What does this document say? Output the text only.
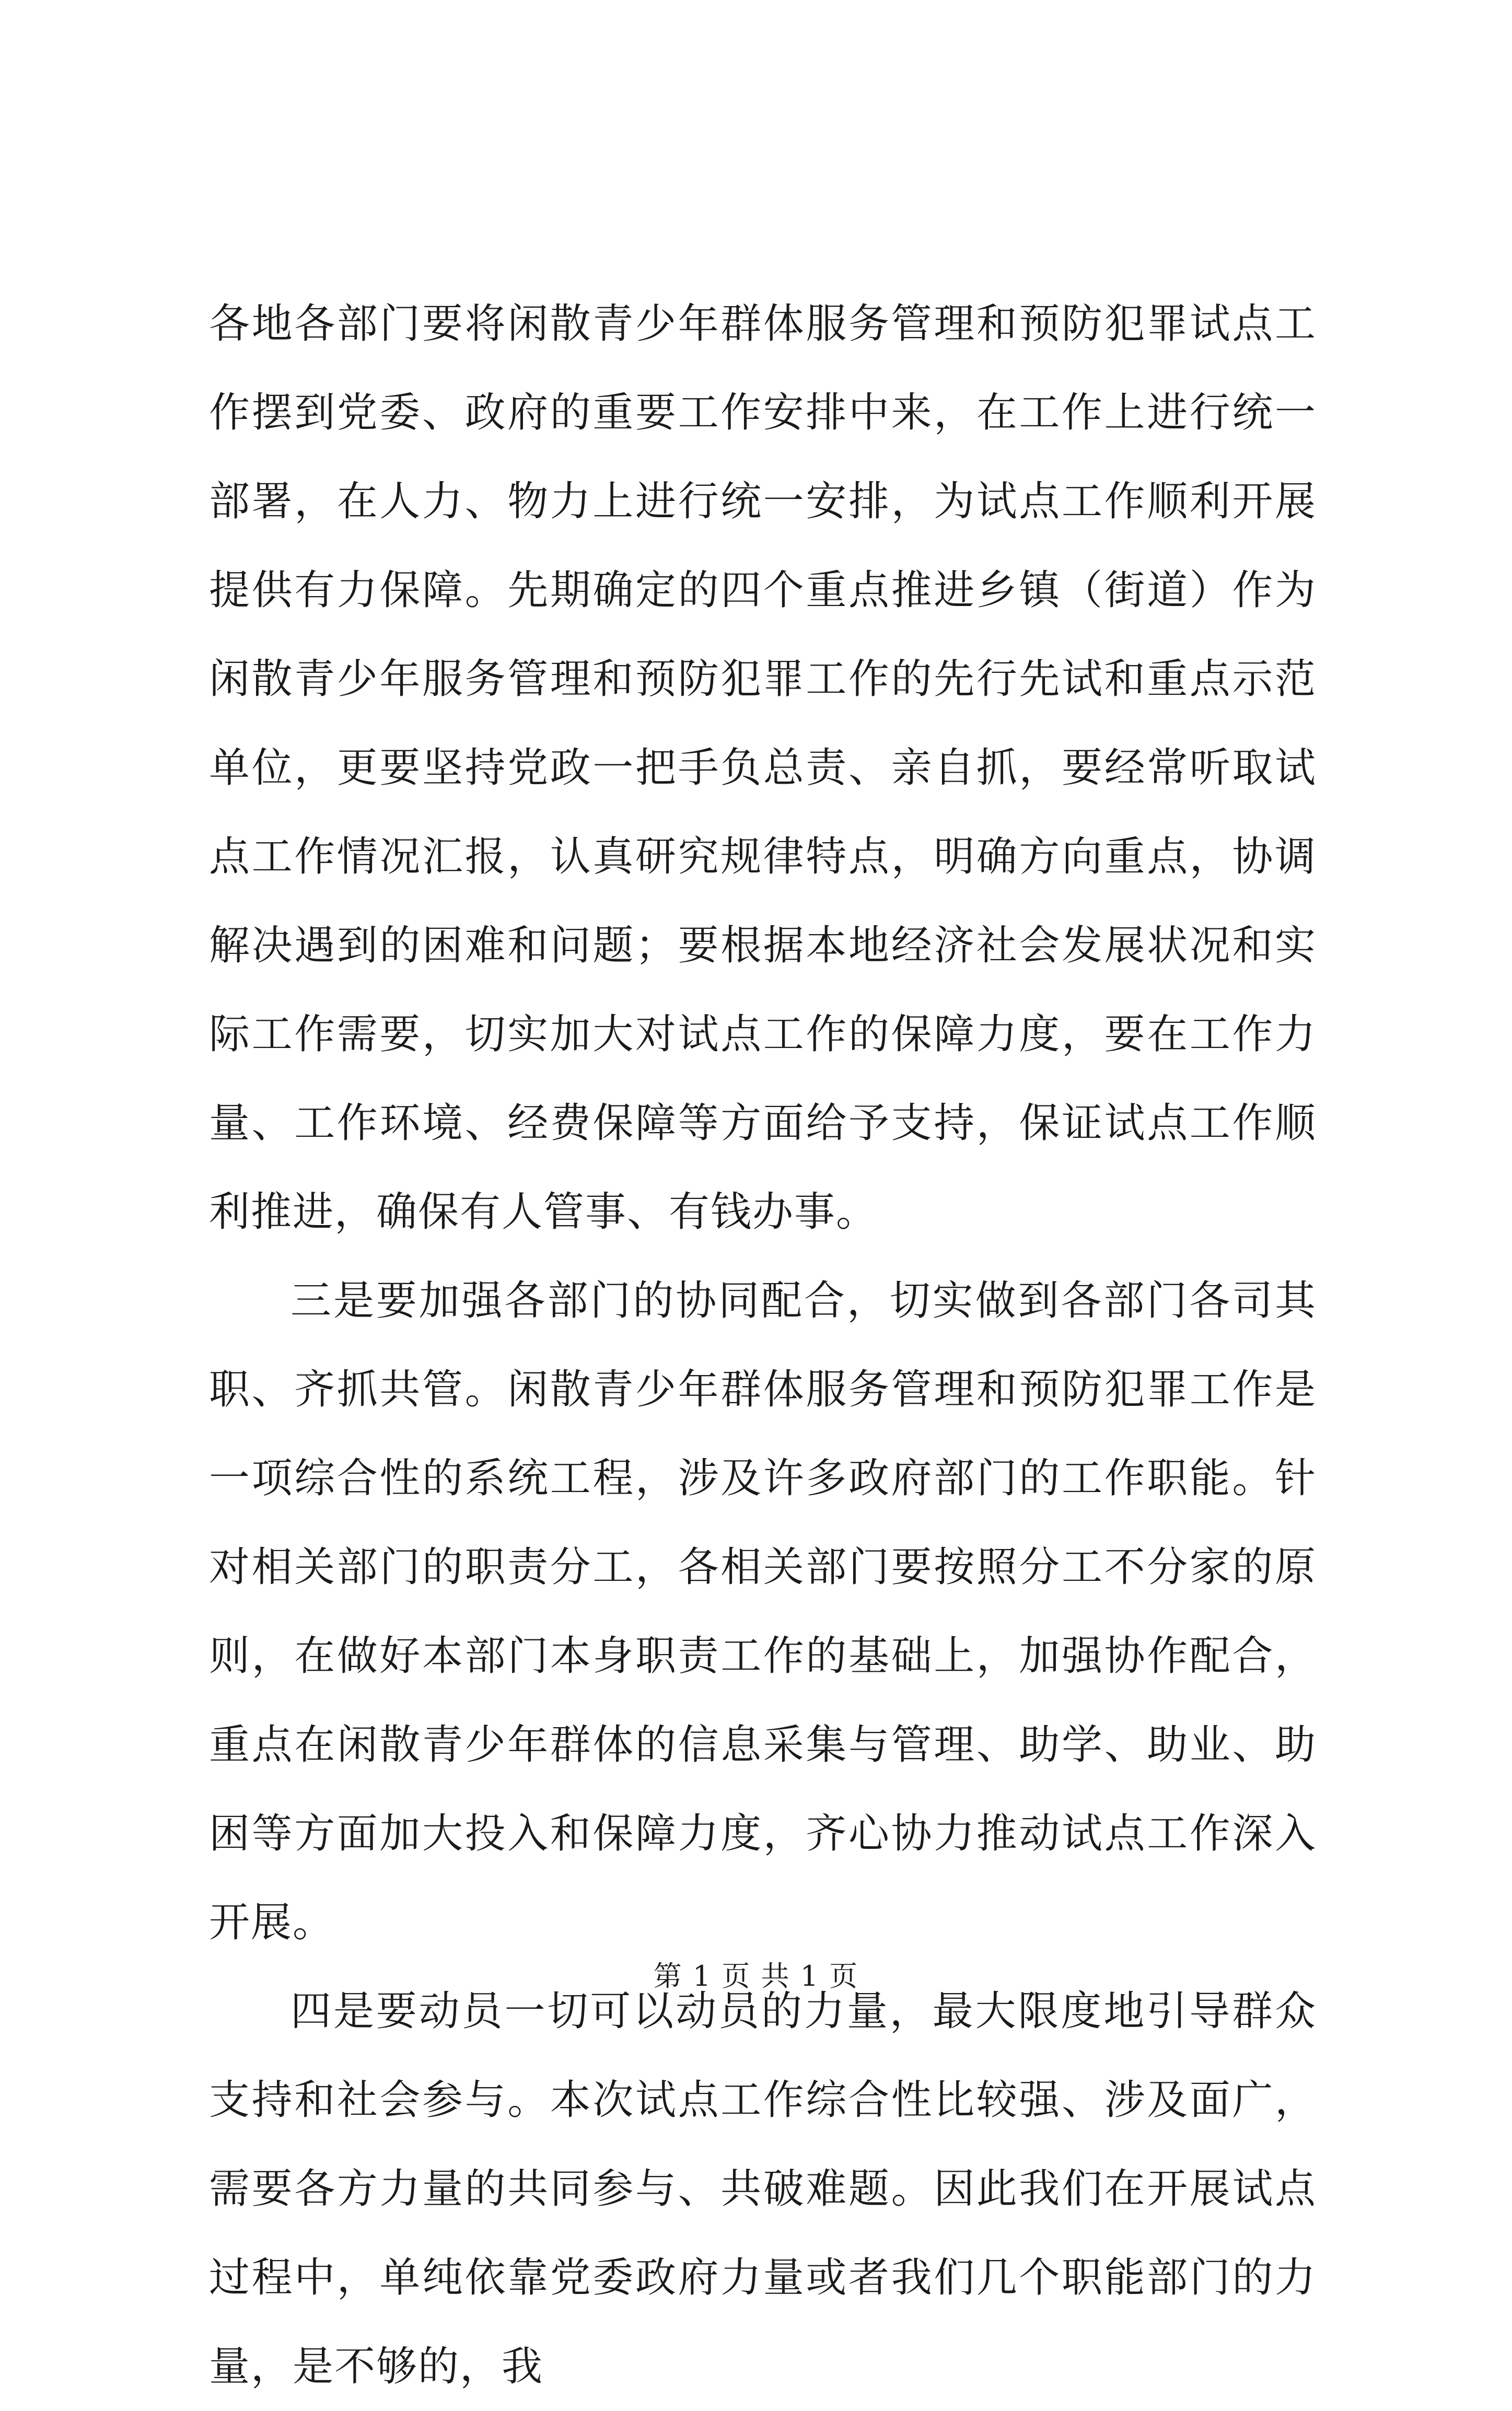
各地各部门要将闲散青少年群体服务管理和预防犯罪试点工作摆到党委、政府的重要工作安排中来，在工作上进行统一部署，在人力、物力上进行统一安排，为试点工作顺利开展提供有力保障。先期确定的四个重点推进乡镇（街道）作为闲散青少年服务管理和预防犯罪工作的先行先试和重点示范单位，更要坚持党政一把手负总责、亲自抓，要经常听取试点工作情况汇报，认真研究规律特点，明确方向重点，协调解决遇到的困难和问题；要根据本地经济社会发展状况和实际工作需要，切实加大对试点工作的保障力度，要在工作力量、工作环境、经费保障等方面给予支持，保证试点工作顺利推进，确保有人管事、有钱办事。

三是要加强各部门的协同配合，切实做到各部门各司其职、齐抓共管。闲散青少年群体服务管理和预防犯罪工作是一项综合性的系统工程，涉及许多政府部门的工作职能。针对相关部门的职责分工，各相关部门要按照分工不分家的原则，在做好本部门本身职责工作的基础上，加强协作配合，重点在闲散青少年群体的信息采集与管理、助学、助业、助困等方面加大投入和保障力度，齐心协力推动试点工作深入开展。

四是要动员一切可以动员的力量，最大限度地引导群众支持和社会参与。本次试点工作综合性比较强、涉及面广，需要各方力量的共同参与、共破难题。因此我们在开展试点过程中，单纯依靠党委政府力量或者我们几个职能部门的力量，是不够的，我

第 1 页 共 1 页
